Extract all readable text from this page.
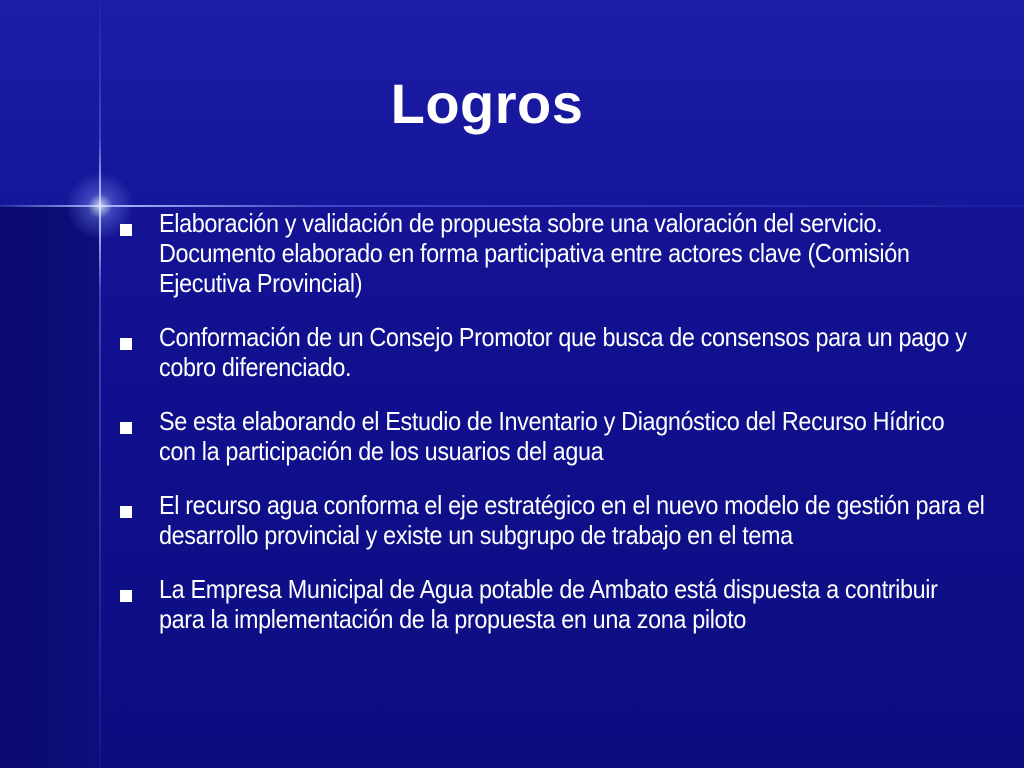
Logros
Elaboración y validación de propuesta sobre una valoración del servicio. Documento elaborado en forma participativa entre actores clave (Comisión Ejecutiva Provincial)
Conformación de un Consejo Promotor que busca de consensos para un pago y cobro diferenciado.
Se esta elaborando el Estudio de Inventario y Diagnóstico del Recurso Hídrico con la participación de los usuarios del agua
El recurso agua conforma el eje estratégico en el nuevo modelo de gestión para el desarrollo provincial y existe un subgrupo de trabajo en el tema
La Empresa Municipal de Agua potable de Ambato está dispuesta a contribuir para la implementación de la propuesta en una zona piloto
